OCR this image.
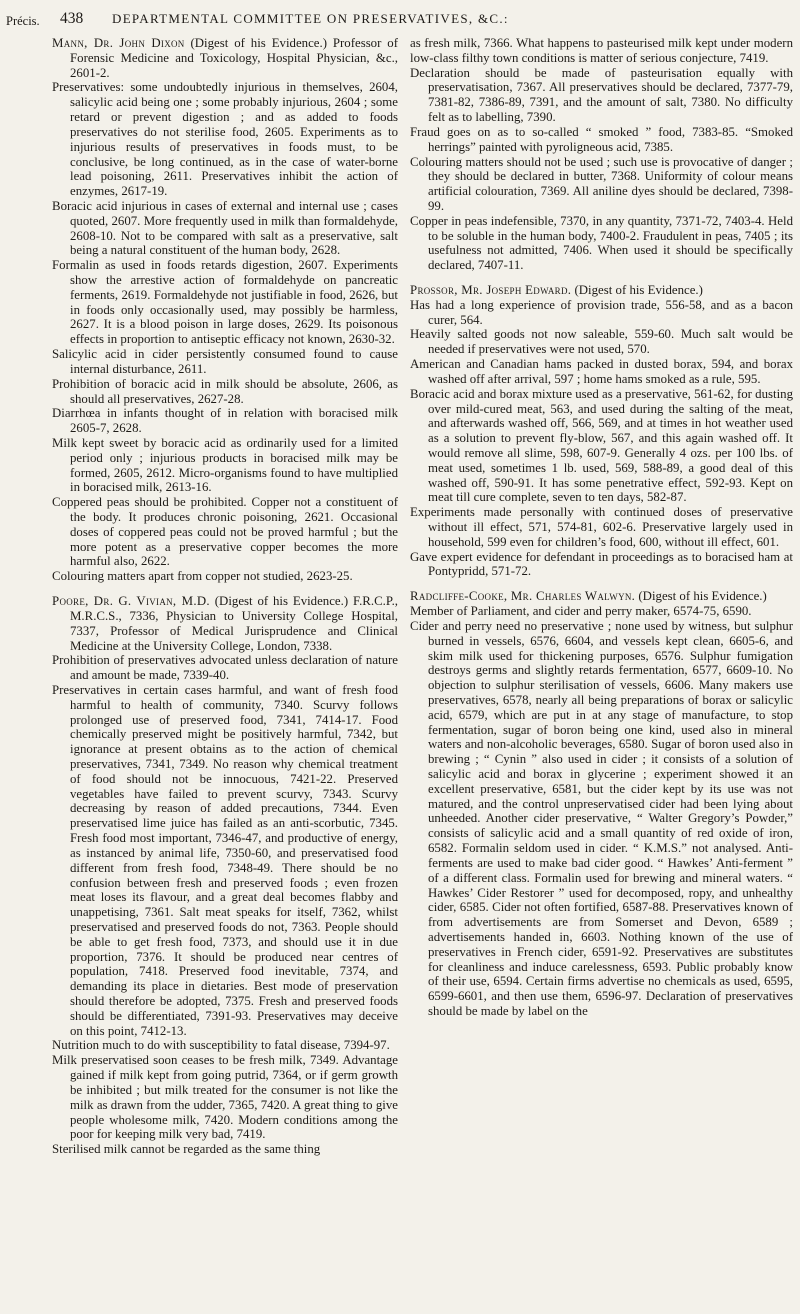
Précis. 438 DEPARTMENTAL COMMITTEE ON PRESERVATIVES, &C.:

Mann, Dr. John Dixon (Digest of his Evidence.) Professor of Forensic Medicine and Toxicology, Hospital Physician, &c., 2601-2.

Preservatives: some undoubtedly injurious in themselves, 2604, salicylic acid being one ; some probably injurious, 2604 ; some retard or prevent digestion ; and as added to foods preservatives do not sterilise food, 2605. Experiments as to injurious results of preservatives in foods must, to be conclusive, be long continued, as in the case of water-borne lead poisoning, 2611. Preservatives inhibit the action of enzymes, 2617-19.

Boracic acid injurious in cases of external and internal use ; cases quoted, 2607. More frequently used in milk than formaldehyde, 2608-10. Not to be compared with salt as a preservative, salt being a natural constituent of the human body, 2628.

Formalin as used in foods retards digestion, 2607. Experiments show the arrestive action of formaldehyde on pancreatic ferments, 2619. Formaldehyde not justifiable in food, 2626, but in foods only occasionally used, may possibly be harmless, 2627. It is a blood poison in large doses, 2629. Its poisonous effects in proportion to antiseptic efficacy not known, 2630-32.

Salicylic acid in cider persistently consumed found to cause internal disturbance, 2611.

Prohibition of boracic acid in milk should be absolute, 2606, as should all preservatives, 2627-28.

Diarrhœa in infants thought of in relation with boracised milk 2605-7, 2628.

Milk kept sweet by boracic acid as ordinarily used for a limited period only ; injurious products in boracised milk may be formed, 2605, 2612. Micro-organisms found to have multiplied in boracised milk, 2613-16.

Coppered peas should be prohibited. Copper not a constituent of the body. It produces chronic poisoning, 2621. Occasional doses of coppered peas could not be proved harmful ; but the more potent as a preservative copper becomes the more harmful also, 2622.

Colouring matters apart from copper not studied, 2623-25.

Poore, Dr. G. Vivian, M.D. (Digest of his Evidence.) F.R.C.P., M.R.C.S., 7336, Physician to University College Hospital, 7337, Professor of Medical Jurisprudence and Clinical Medicine at the University College, London, 7338.

Prohibition of preservatives advocated unless declaration of nature and amount be made, 7339-40.

Preservatives in certain cases harmful, and want of fresh food harmful to health of community, 7340. Scurvy follows prolonged use of preserved food, 7341, 7414-17. Food chemically preserved might be positively harmful, 7342, but ignorance at present obtains as to the action of chemical preservatives, 7341, 7349. No reason why chemical treatment of food should not be innocuous, 7421-22. Preserved vegetables have failed to prevent scurvy, 7343. Scurvy decreasing by reason of added precautions, 7344. Even preservatised lime juice has failed as an anti-scorbutic, 7345. Fresh food most important, 7346-47, and productive of energy, as instanced by animal life, 7350-60, and preservatised food different from fresh food, 7348-49. There should be no confusion between fresh and preserved foods ; even frozen meat loses its flavour, and a great deal becomes flabby and unappetising, 7361. Salt meat speaks for itself, 7362, whilst preservatised and preserved foods do not, 7363. People should be able to get fresh food, 7373, and should use it in due proportion, 7376. It should be produced near centres of population, 7418. Preserved food inevitable, 7374, and demanding its place in dietaries. Best mode of preservation should therefore be adopted, 7375. Fresh and preserved foods should be differentiated, 7391-93. Preservatives may deceive on this point, 7412-13.

Nutrition much to do with susceptibility to fatal disease, 7394-97.

Milk preservatised soon ceases to be fresh milk, 7349. Advantage gained if milk kept from going putrid, 7364, or if germ growth be inhibited ; but milk treated for the consumer is not like the milk as drawn from the udder, 7365, 7420. A great thing to give people wholesome milk, 7420. Modern conditions among the poor for keeping milk very bad, 7419.

Sterilised milk cannot be regarded as the same thing

as fresh milk, 7366. What happens to pasteurised milk kept under modern low-class filthy town conditions is matter of serious conjecture, 7419.

Declaration should be made of pasteurisation equally with preservatisation, 7367. All preservatives should be declared, 7377-79, 7381-82, 7386-89, 7391, and the amount of salt, 7380. No difficulty felt as to labelling, 7390.

Fraud goes on as to so-called “ smoked ” food, 7383-85. “Smoked herrings” painted with pyroligneous acid, 7385.

Colouring matters should not be used ; such use is provocative of danger ; they should be declared in butter, 7368. Uniformity of colour means artificial colouration, 7369. All aniline dyes should be declared, 7398-99.

Copper in peas indefensible, 7370, in any quantity, 7371-72, 7403-4. Held to be soluble in the human body, 7400-2. Fraudulent in peas, 7405 ; its usefulness not admitted, 7406. When used it should be specifically declared, 7407-11.

Prossor, Mr. Joseph Edward. (Digest of his Evidence.)

Has had a long experience of provision trade, 556-58, and as a bacon curer, 564.

Heavily salted goods not now saleable, 559-60. Much salt would be needed if preservatives were not used, 570.

American and Canadian hams packed in dusted borax, 594, and borax washed off after arrival, 597 ; home hams smoked as a rule, 595.

Boracic acid and borax mixture used as a preservative, 561-62, for dusting over mild-cured meat, 563, and used during the salting of the meat, and afterwards washed off, 566, 569, and at times in hot weather used as a solution to prevent fly-blow, 567, and this again washed off. It would remove all slime, 598, 607-9. Generally 4 ozs. per 100 lbs. of meat used, sometimes 1 lb. used, 569, 588-89, a good deal of this washed off, 590-91. It has some penetrative effect, 592-93. Kept on meat till cure complete, seven to ten days, 582-87.

Experiments made personally with continued doses of preservative without ill effect, 571, 574-81, 602-6. Preservative largely used in household, 599 even for children’s food, 600, without ill effect, 601.

Gave expert evidence for defendant in proceedings as to boracised ham at Pontypridd, 571-72.

Radcliffe-Cooke, Mr. Charles Walwyn. (Digest of his Evidence.)

Member of Parliament, and cider and perry maker, 6574-75, 6590.

Cider and perry need no preservative ; none used by witness, but sulphur burned in vessels, 6576, 6604, and vessels kept clean, 6605-6, and skim milk used for thickening purposes, 6576. Sulphur fumigation destroys germs and slightly retards fermentation, 6577, 6609-10. No objection to sulphur sterilisation of vessels, 6606. Many makers use preservatives, 6578, nearly all being preparations of borax or salicylic acid, 6579, which are put in at any stage of manufacture, to stop fermentation, sugar of boron being one kind, used also in mineral waters and non-alcoholic beverages, 6580. Sugar of boron used also in brewing ; “ Cynin ” also used in cider ; it consists of a solution of salicylic acid and borax in glycerine ; experiment showed it an excellent preservative, 6581, but the cider kept by its use was not matured, and the control unpreservatised cider had been lying about unheeded. Another cider preservative, “ Walter Gregory’s Powder,” consists of salicylic acid and a small quantity of red oxide of iron, 6582. Formalin seldom used in cider. “ K.M.S.” not analysed. Anti-ferments are used to make bad cider good. “ Hawkes’ Anti-ferment ” of a different class. Formalin used for brewing and mineral waters. “ Hawkes’ Cider Restorer ” used for decomposed, ropy, and unhealthy cider, 6585. Cider not often fortified, 6587-88. Preservatives known of from advertisements are from Somerset and Devon, 6589 ; advertisements handed in, 6603. Nothing known of the use of preservatives in French cider, 6591-92. Preservatives are substitutes for cleanliness and induce carelessness, 6593. Public probably know of their use, 6594. Certain firms advertise no chemicals as used, 6595, 6599-6601, and then use them, 6596-97. Declaration of preservatives should be made by label on the
